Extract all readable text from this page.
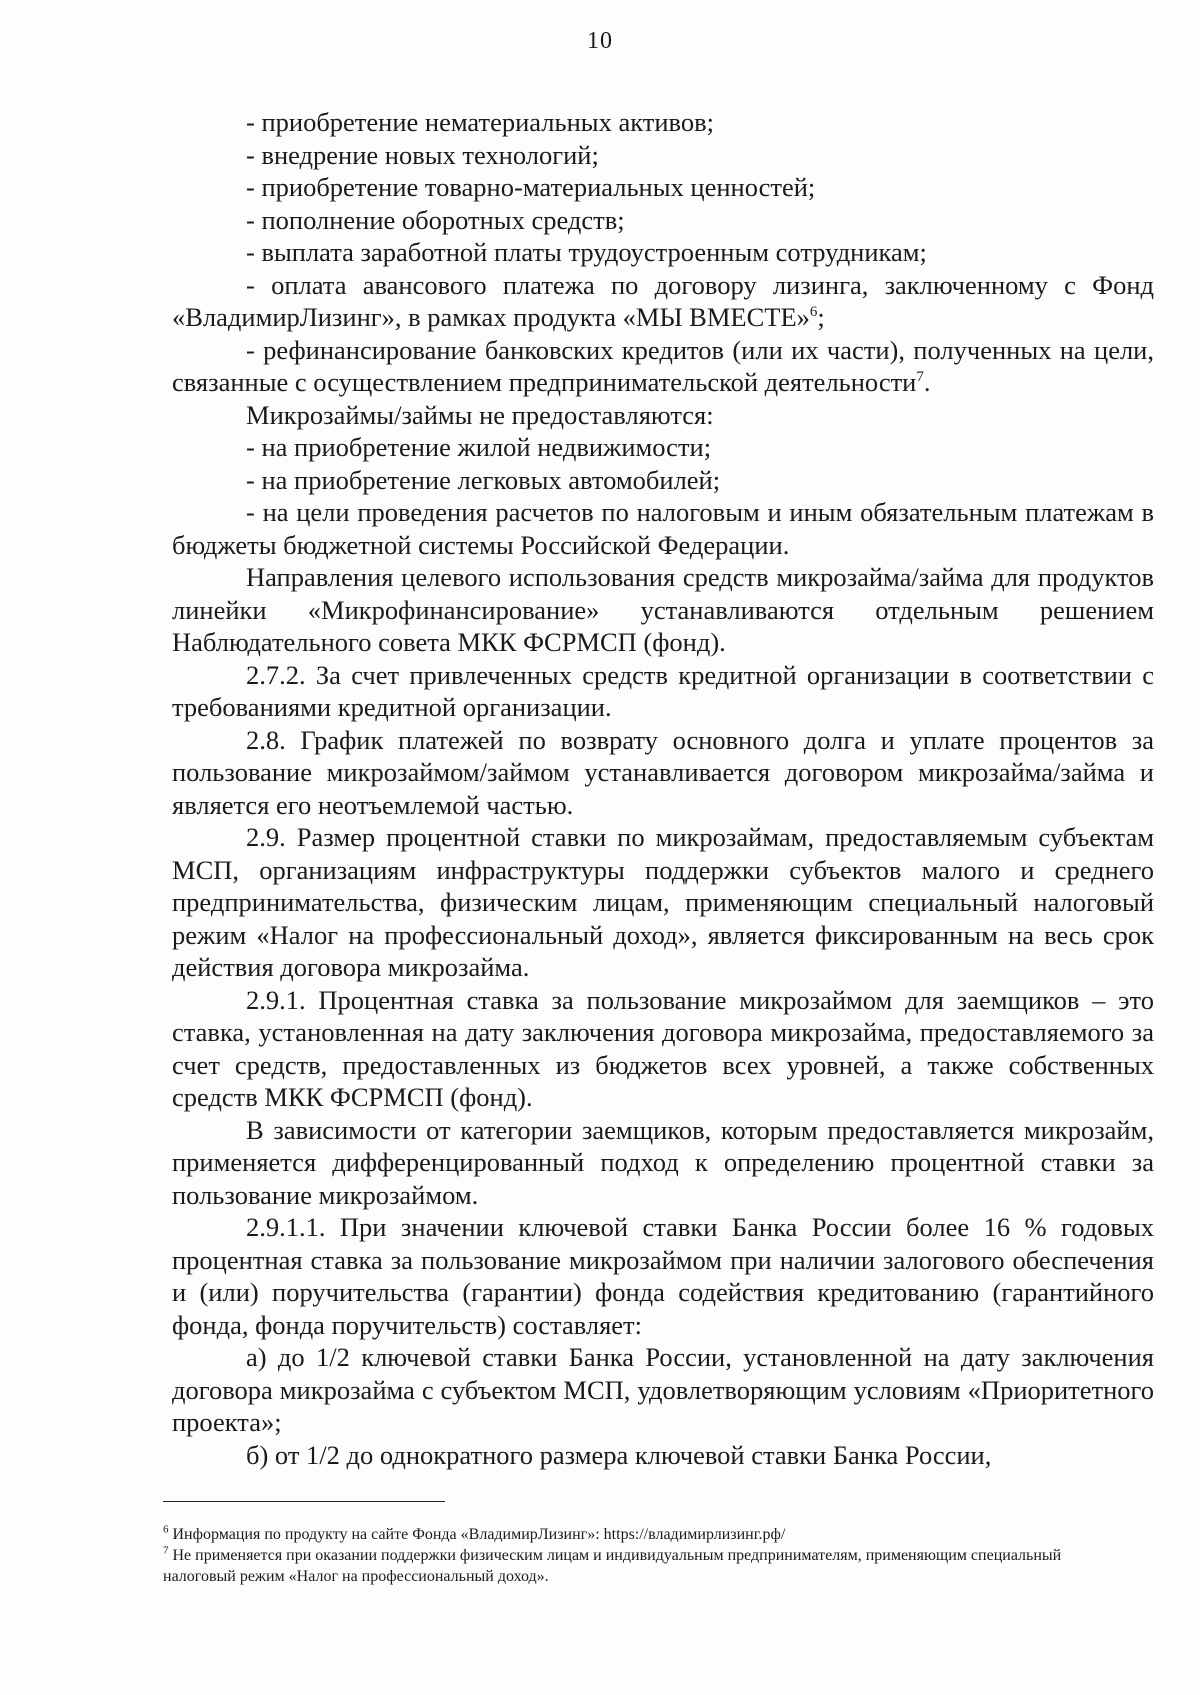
10

- приобретение нематериальных активов;

- внедрение новых технологий;

- приобретение товарно-материальных ценностей;

- пополнение оборотных средств;

- выплата заработной платы трудоустроенным сотрудникам;

- оплата авансового платежа по договору лизинга, заключенному с Фонд «ВладимирЛизинг», в рамках продукта «МЫ ВМЕСТЕ»$^6$;

- рефинансирование банковских кредитов (или их части), полученных на цели, связанные с осуществлением предпринимательской деятельности$^7$.

Микрозаймы/займы не предоставляются:

- на приобретение жилой недвижимости;

- на приобретение легковых автомобилей;

- на цели проведения расчетов по налоговым и иным обязательным платежам в бюджеты бюджетной системы Российской Федерации.

Направления целевого использования средств микрозайма/займа для продуктов линейки «Микрофинансирование» устанавливаются отдельным решением Наблюдательного совета МКК ФСРМСП (фонд).

2.7.2. За счет привлеченных средств кредитной организации в соответствии с требованиями кредитной организации.

2.8. График платежей по возврату основного долга и уплате процентов за пользование микрозаймом/займом устанавливается договором микрозайма/займа и является его неотъемлемой частью.

2.9. Размер процентной ставки по микрозаймам, предоставляемым субъектам МСП, организациям инфраструктуры поддержки субъектов малого и среднего предпринимательства, физическим лицам, применяющим специальный налоговый режим «Налог на профессиональный доход», является фиксированным на весь срок действия договора микрозайма.

2.9.1. Процентная ставка за пользование микрозаймом для заемщиков – это ставка, установленная на дату заключения договора микрозайма, предоставляемого за счет средств, предоставленных из бюджетов всех уровней, а также собственных средств МКК ФСРМСП (фонд).

В зависимости от категории заемщиков, которым предоставляется микрозайм, применяется дифференцированный подход к определению процентной ставки за пользование микрозаймом.

2.9.1.1. При значении ключевой ставки Банка России более 16 % годовых процентная ставка за пользование микрозаймом при наличии залогового обеспечения и (или) поручительства (гарантии) фонда содействия кредитованию (гарантийного фонда, фонда поручительств) составляет:

а) до 1/2 ключевой ставки Банка России, установленной на дату заключения договора микрозайма с субъектом МСП, удовлетворяющим условиям «Приоритетного проекта»;

б) от 1/2 до однократного размера ключевой ставки Банка России,

$^6$ Информация по продукту на сайте Фонда «ВладимирЛизинг»: https://владимирлизинг.рф/

$^7$ Не применяется при оказании поддержки физическим лицам и индивидуальным предпринимателям, применяющим специальный налоговый режим «Налог на профессиональный доход».
